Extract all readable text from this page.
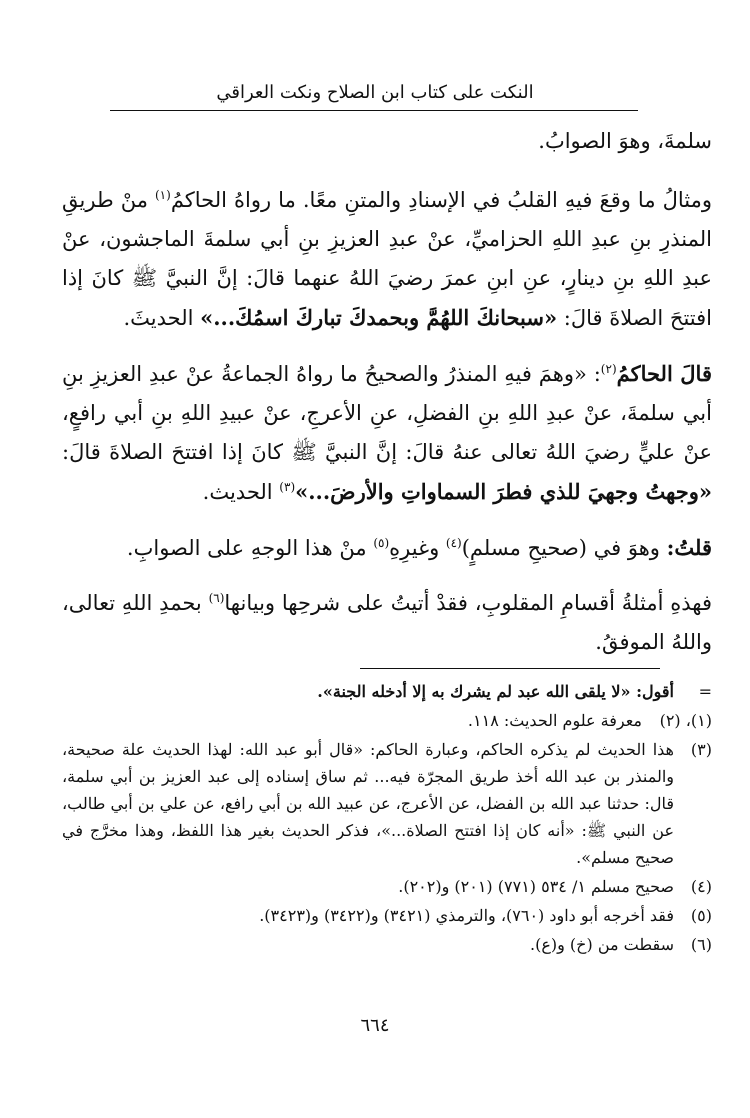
النكت على كتاب ابن الصلاح ونكت العراقي

سلمةَ، وهوَ الصوابُ.

ومثالُ ما وقعَ فيهِ القلبُ في الإسنادِ والمتنِ معًا. ما رواهُ الحاكمُ$^{(١)}$ منْ طريقِ المنذرِ بنِ عبدِ اللهِ الحزاميِّ، عنْ عبدِ العزيزِ بنِ أبي سلمةَ الماجشون، عنْ عبدِ اللهِ بنِ دينارٍ، عنِ ابنِ عمرَ رضيَ اللهُ عنهما قالَ: إنَّ النبيَّ ﷺ كانَ إذا افتتحَ الصلاةَ قالَ: «سبحانكَ اللهُمَّ وبحمدكَ تباركَ اسمُكَ...» الحديثَ.

قالَ الحاكمُ$^{(٢)}$: «وهمَ فيهِ المنذرُ والصحيحُ ما رواهُ الجماعةُ عنْ عبدِ العزيزِ بنِ أبي سلمةَ، عنْ عبدِ اللهِ بنِ الفضلِ، عنِ الأعرجِ، عنْ عبيدِ اللهِ بنِ أبي رافعٍ، عنْ عليٍّ رضيَ اللهُ تعالى عنهُ قالَ: إنَّ النبيَّ ﷺ كانَ إذا افتتحَ الصلاةَ قالَ: «وجهتُ وجهيَ للذي فطرَ السماواتِ والأرضَ...»$^{(٣)}$ الحديث.

قلتُ: وهوَ في (صحيحِ مسلمٍ)$^{(٤)}$ وغيرِهِ$^{(٥)}$ منْ هذا الوجهِ على الصوابِ.

فهذهِ أمثلةُ أقسامِ المقلوبِ، فقدْ أتيتُ على شرحِها وبيانها$^{(٦)}$ بحمدِ اللهِ تعالى، واللهُ الموفقُ.

=
أقول: «لا يلقى الله عبد لم يشرك به إلا أدخله الجنة».
(١)، (٢)
معرفة علوم الحديث: ١١٨.
(٣)
هذا الحديث لم يذكره الحاكم، وعبارة الحاكم: «قال أبو عبد الله: لهذا الحديث علة صحيحة، والمنذر بن عبد الله أخذ طريق المجرّة فيه... ثم ساق إسناده إلى عبد العزيز بن أبي سلمة، قال: حدثنا عبد الله بن الفضل، عن الأعرج، عن عبيد الله بن أبي رافع، عن علي بن أبي طالب، عن النبي ﷺ: «أنه كان إذا افتتح الصلاة...»، فذكر الحديث بغير هذا اللفظ، وهذا مخرَّج في صحيح مسلم».
(٤)
صحيح مسلم ١/ ٥٣٤ (٧٧١) (٢٠١) و(٢٠٢).
(٥)
فقد أخرجه أبو داود (٧٦٠)، والترمذي (٣٤٢١) و(٣٤٢٢) و(٣٤٢٣).
(٦)
سقطت من (خ) و(ع).
٦٦٤
